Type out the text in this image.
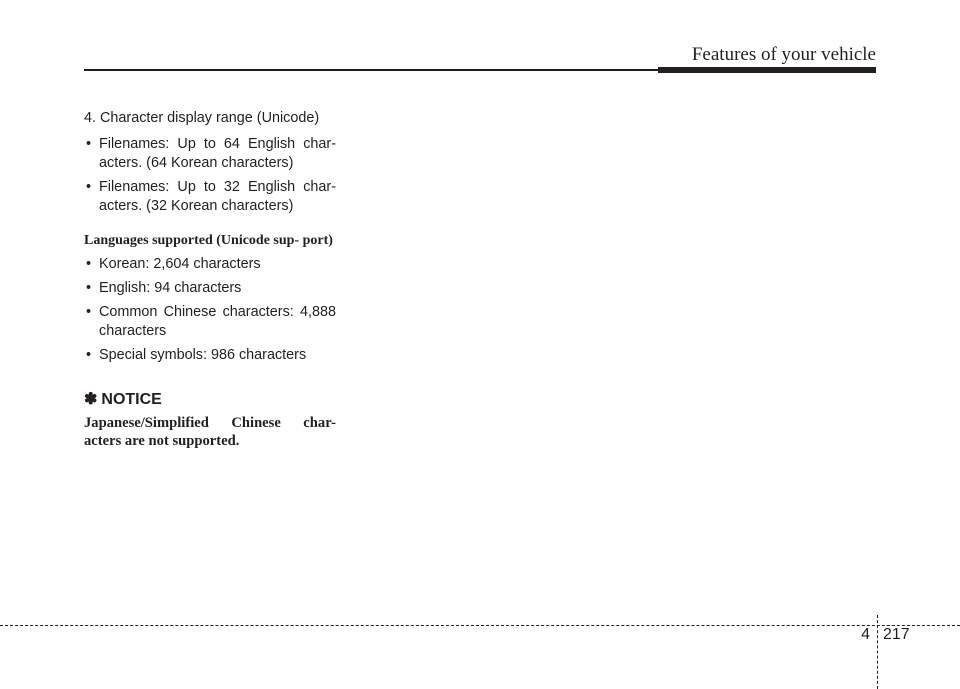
Features of your vehicle

4. Character display range (Unicode)

• Filenames: Up to 64 English char- acters. (64 Korean characters)
• Filenames: Up to 32 English char- acters. (32 Korean characters)
Languages supported (Unicode sup- port)
• Korean: 2,604 characters
• English: 94 characters
• Common Chinese characters: 4,888 characters
• Special symbols: 986 characters
✽ NOTICE

Japanese/Simplified Chinese char- acters are not supported.

4 217
